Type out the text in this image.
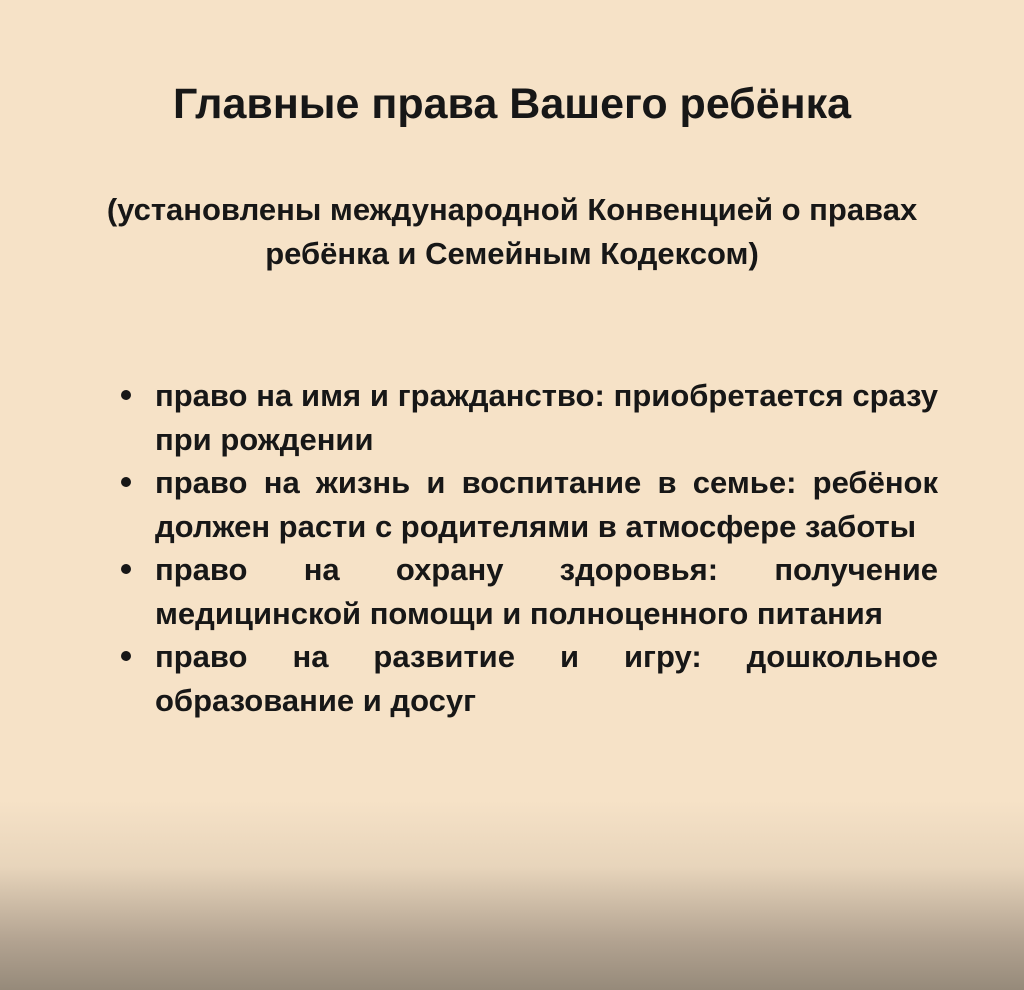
Главные права Вашего ребёнка

(установлены международной Конвенцией о правах ребёнка и Семейным Кодексом)

право на имя и гражданство: приобретается сразу при рождении
право на жизнь и воспитание в семье: ребёнок должен расти с родителями в атмосфере заботы
право на охрану здоровья: получение медицинской помощи и полноценного питания
право на развитие и игру: дошкольное образование и досуг
